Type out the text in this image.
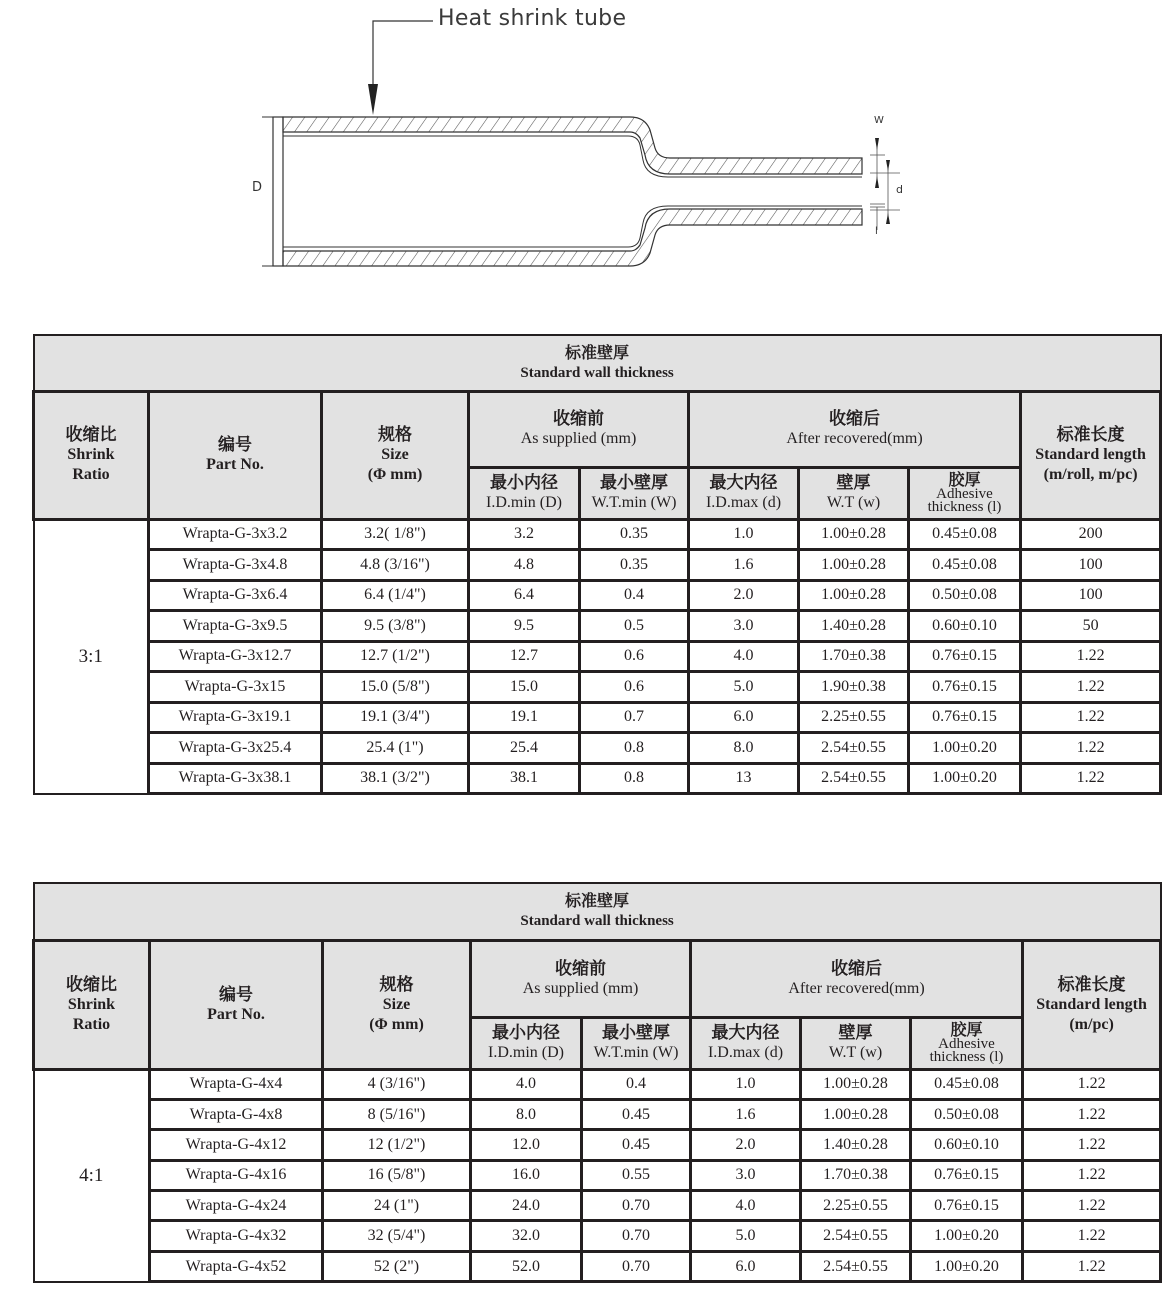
Heat shrink tube
D
W
d
l
标准壁厚
Standard wall thickness								

收缩比
Shrink
Ratio	编号
Part No.	规格
Size
(Φ mm)	收缩前
As supplied (mm)		收缩后
After recovered(mm)			标准长度
Standard length
(m/roll, m/pc)

			最小内径
I.D.min (D)	最小壁厚
W.T.min (W)	最大内径
I.D.max (d)	壁厚
W.T (w)	胶厚
Adhesive
thickness (l)	

3:1	Wrapta-G-3x3.2	3.2( 1/8")	3.2	0.35	1.0	1.00±0.28	0.45±0.08	200
	Wrapta-G-3x4.8	4.8 (3/16")	4.8	0.35	1.6	1.00±0.28	0.45±0.08	100
	Wrapta-G-3x6.4	6.4 (1/4")	6.4	0.4	2.0	1.00±0.28	0.50±0.08	100
	Wrapta-G-3x9.5	9.5 (3/8")	9.5	0.5	3.0	1.40±0.28	0.60±0.10	50
	Wrapta-G-3x12.7	12.7 (1/2")	12.7	0.6	4.0	1.70±0.38	0.76±0.15	1.22
	Wrapta-G-3x15	15.0 (5/8")	15.0	0.6	5.0	1.90±0.38	0.76±0.15	1.22
	Wrapta-G-3x19.1	19.1 (3/4")	19.1	0.7	6.0	2.25±0.55	0.76±0.15	1.22
	Wrapta-G-3x25.4	25.4 (1")	25.4	0.8	8.0	2.54±0.55	1.00±0.20	1.22
	Wrapta-G-3x38.1	38.1 (3/2")	38.1	0.8	13	2.54±0.55	1.00±0.20	1.22
标准壁厚
Standard wall thickness								

收缩比
Shrink
Ratio	编号
Part No.	规格
Size
(Φ mm)	收缩前
As supplied (mm)		收缩后
After recovered(mm)			标准长度
Standard length
(m/pc)

			最小内径
I.D.min (D)	最小壁厚
W.T.min (W)	最大内径
I.D.max (d)	壁厚
W.T (w)	胶厚
Adhesive
thickness (l)	

4:1	Wrapta-G-4x4	4 (3/16")	4.0	0.4	1.0	1.00±0.28	0.45±0.08	1.22
	Wrapta-G-4x8	8 (5/16")	8.0	0.45	1.6	1.00±0.28	0.50±0.08	1.22
	Wrapta-G-4x12	12 (1/2")	12.0	0.45	2.0	1.40±0.28	0.60±0.10	1.22
	Wrapta-G-4x16	16 (5/8")	16.0	0.55	3.0	1.70±0.38	0.76±0.15	1.22
	Wrapta-G-4x24	24 (1")	24.0	0.70	4.0	2.25±0.55	0.76±0.15	1.22
	Wrapta-G-4x32	32 (5/4")	32.0	0.70	5.0	2.54±0.55	1.00±0.20	1.22
	Wrapta-G-4x52	52 (2")	52.0	0.70	6.0	2.54±0.55	1.00±0.20	1.22
